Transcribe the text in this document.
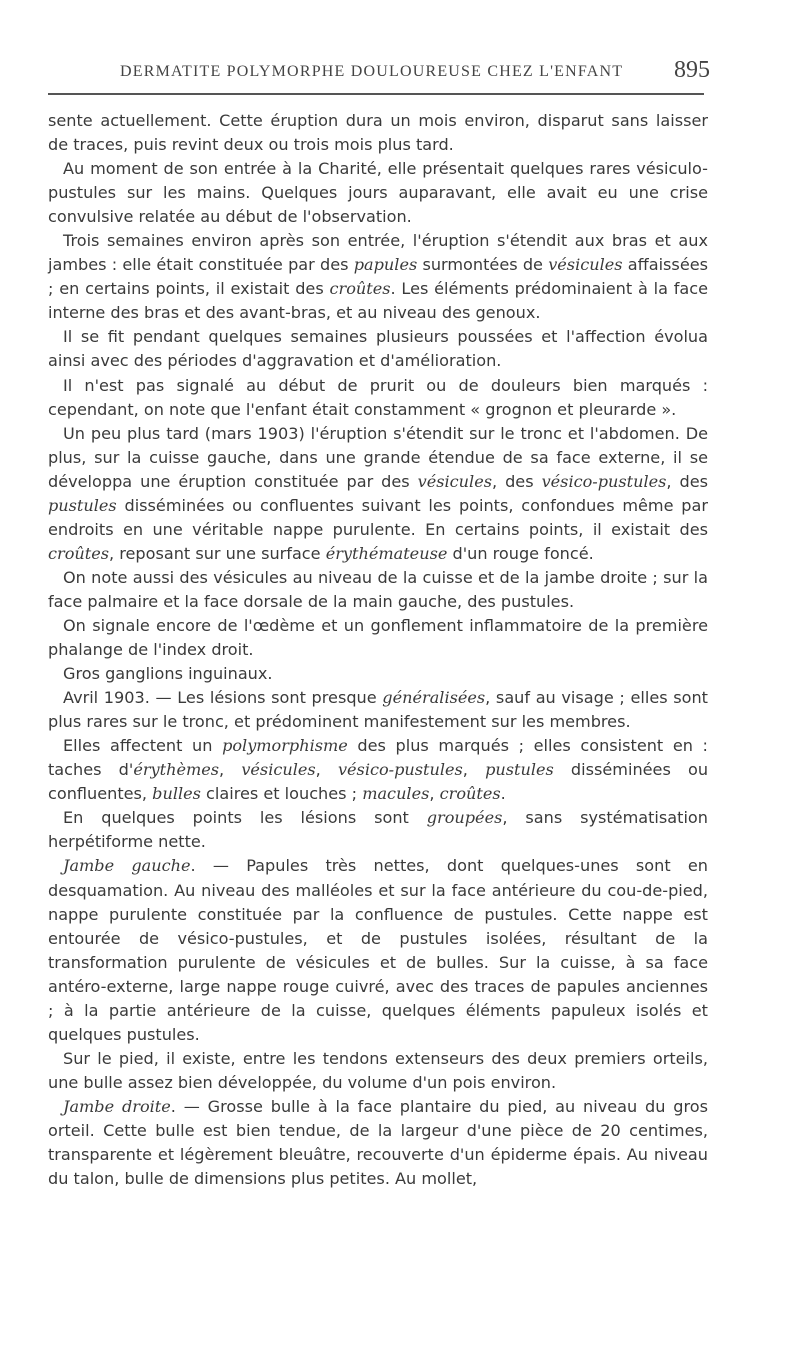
DERMATITE POLYMORPHE DOULOUREUSE CHEZ L'ENFANT 895

sente actuellement. Cette éruption dura un mois environ, disparut sans laisser de traces, puis revint deux ou trois mois plus tard.

Au moment de son entrée à la Charité, elle présentait quelques rares vésiculo-pustules sur les mains. Quelques jours auparavant, elle avait eu une crise convulsive relatée au début de l'observation.

Trois semaines environ après son entrée, l'éruption s'étendit aux bras et aux jambes : elle était constituée par des papules surmontées de vésicules affaissées ; en certains points, il existait des croûtes. Les éléments prédominaient à la face interne des bras et des avant-bras, et au niveau des genoux.

Il se fit pendant quelques semaines plusieurs poussées et l'affection évolua ainsi avec des périodes d'aggravation et d'amélioration.

Il n'est pas signalé au début de prurit ou de douleurs bien marqués : cependant, on note que l'enfant était constamment « grognon et pleurarde ».

Un peu plus tard (mars 1903) l'éruption s'étendit sur le tronc et l'abdomen. De plus, sur la cuisse gauche, dans une grande étendue de sa face externe, il se développa une éruption constituée par des vésicules, des vésico-pustules, des pustules disséminées ou confluentes suivant les points, confondues même par endroits en une véritable nappe purulente. En certains points, il existait des croûtes, reposant sur une surface érythémateuse d'un rouge foncé.

On note aussi des vésicules au niveau de la cuisse et de la jambe droite ; sur la face palmaire et la face dorsale de la main gauche, des pustules.

On signale encore de l'œdème et un gonflement inflammatoire de la première phalange de l'index droit.

Gros ganglions inguinaux.

Avril 1903. — Les lésions sont presque généralisées, sauf au visage ; elles sont plus rares sur le tronc, et prédominent manifestement sur les membres.

Elles affectent un polymorphisme des plus marqués ; elles consistent en : taches d'érythèmes, vésicules, vésico-pustules, pustules disséminées ou confluentes, bulles claires et louches ; macules, croûtes.

En quelques points les lésions sont groupées, sans systématisation herpétiforme nette.

Jambe gauche. — Papules très nettes, dont quelques-unes sont en desquamation. Au niveau des malléoles et sur la face antérieure du cou-de-pied, nappe purulente constituée par la confluence de pustules. Cette nappe est entourée de vésico-pustules, et de pustules isolées, résultant de la transformation purulente de vésicules et de bulles. Sur la cuisse, à sa face antéro-externe, large nappe rouge cuivré, avec des traces de papules anciennes ; à la partie antérieure de la cuisse, quelques éléments papuleux isolés et quelques pustules.

Sur le pied, il existe, entre les tendons extenseurs des deux premiers orteils, une bulle assez bien développée, du volume d'un pois environ.

Jambe droite. — Grosse bulle à la face plantaire du pied, au niveau du gros orteil. Cette bulle est bien tendue, de la largeur d'une pièce de 20 centimes, transparente et légèrement bleuâtre, recouverte d'un épiderme épais. Au niveau du talon, bulle de dimensions plus petites. Au mollet,
